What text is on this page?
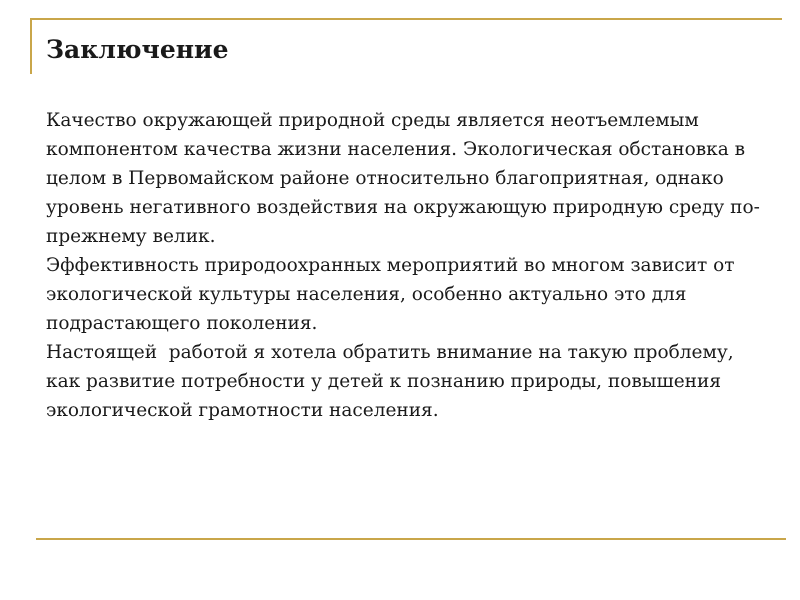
Заключение

Качество окружающей природной среды является неотъемлемым компонентом качества жизни населения. Экологическая обстановка в целом в Первомайском районе относительно благоприятная, однако уровень негативного воздействия на окружающую природную среду по-прежнему велик.

Эффективность природоохранных мероприятий во многом зависит от экологической культуры населения, особенно актуально это для подрастающего поколения.

Настоящей  работой я хотела обратить внимание на такую проблему, как развитие потребности у детей к познанию природы, повышения экологической грамотности населения.
